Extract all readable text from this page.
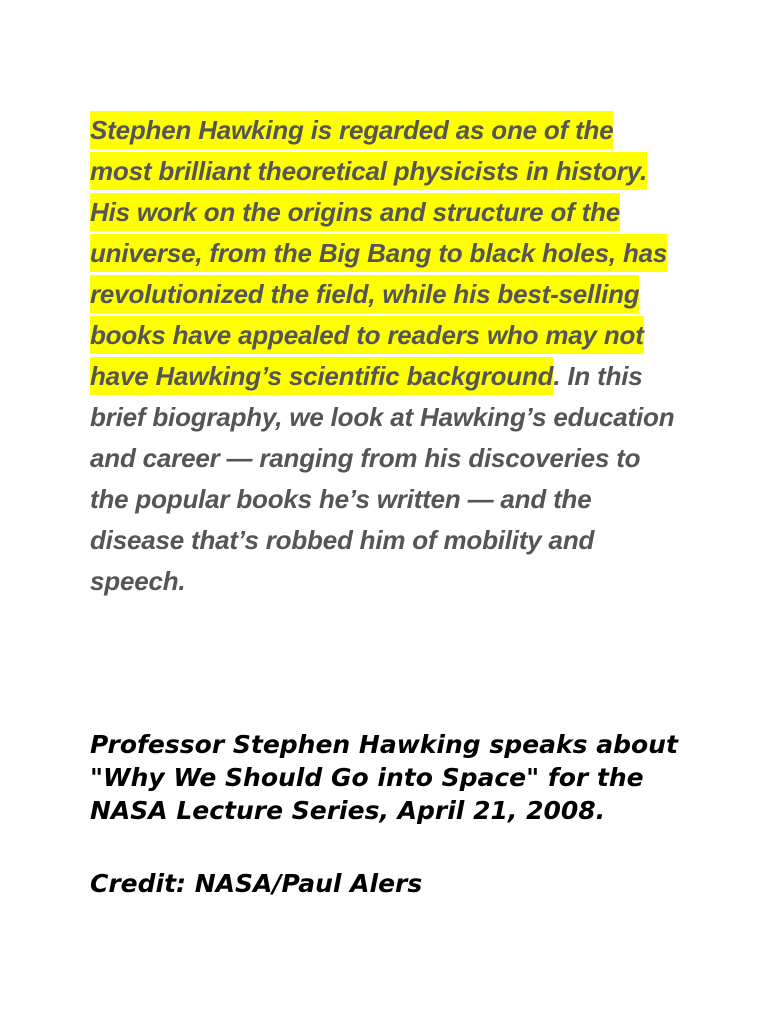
Stephen Hawking is regarded as one of the most brilliant theoretical physicists in history. His work on the origins and structure of the universe, from the Big Bang to black holes, has revolutionized the field, while his best-selling books have appealed to readers who may not have Hawking’s scientific background. In this brief biography, we look at Hawking’s education and career — ranging from his discoveries to the popular books he’s written — and the disease that’s robbed him of mobility and speech.

Professor Stephen Hawking speaks about "Why We Should Go into Space" for the NASA Lecture Series, April 21, 2008.

Credit: NASA/Paul Alers
